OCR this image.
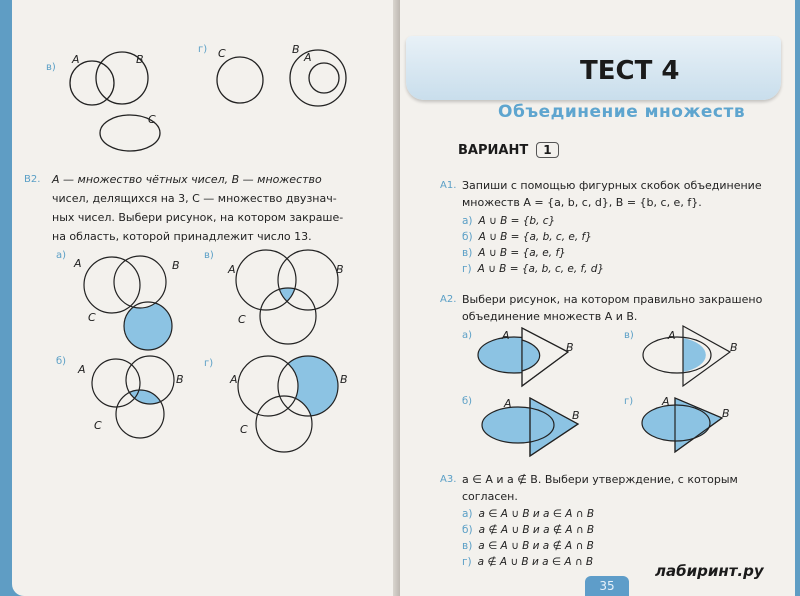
в)
г)
A	B
C
C	B
A
B2. A — множество чётных чисел, B — множество
чисел, делящихся на 3, C — множество двузнач-
ных чисел. Выбери рисунок, на котором закраше-
на область, которой принадлежит число 13.
а)	в)
б)	г)
A	B
C
A	B
C
A
B
C
A	B
C
A1. Запиши с помощью фигурных скобок объединение
множеств A = {a, b, c, d}, B = {b, c, e, f}.
а) A ∪ B = {b, c}
б) A ∪ B = {a, b, c, e, f}
в) A ∪ B = {a, e, f}
г) A ∪ B = {a, b, c, e, f, d}
A2. Выбери рисунок, на котором правильно закрашено
объединение множеств A и B.
а)	в)
б)	г)
A
B
A
B
A
B
A
B
A3. a ∈ A и a ∉ B. Выбери утверждение, с которым
согласен.
а) a ∈ A ∪ B и a ∈ A ∩ B
б) a ∉ A ∪ B и a ∉ A ∩ B
в) a ∈ A ∪ B и a ∉ A ∩ B
г) a ∉ A ∪ B и a ∈ A ∩ B
ТЕСТ 4
Объединение множеств
ВАРИАНТ 1
35
лабиринт.ру
